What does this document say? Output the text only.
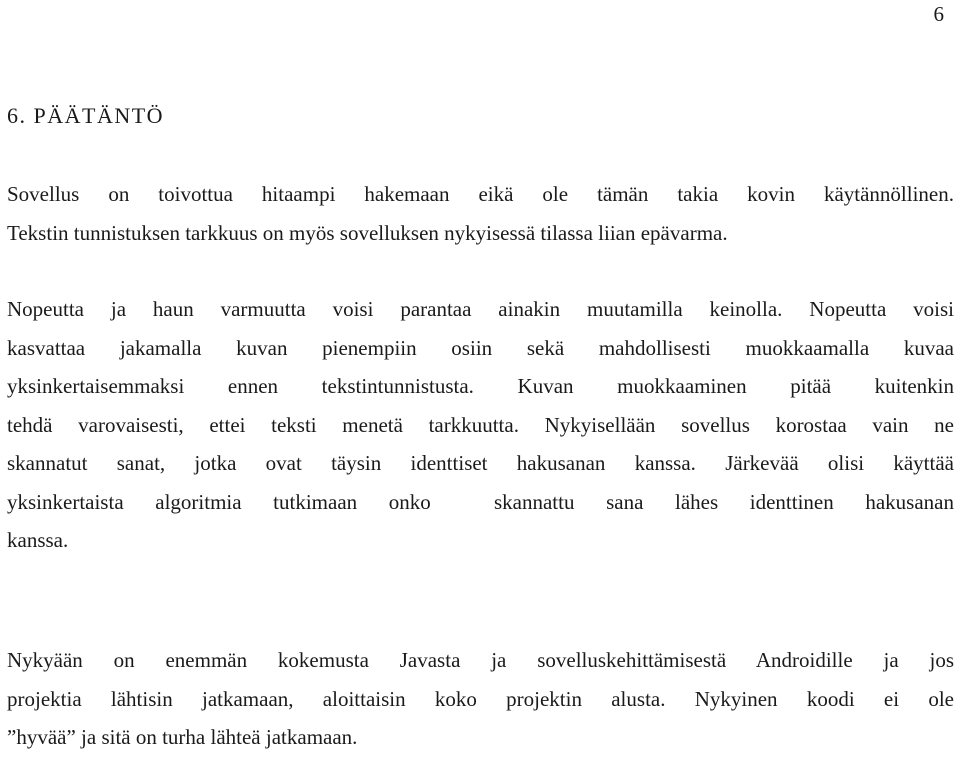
6

6. PÄÄTÄNTÖ

Sovellus on toivottua hitaampi hakemaan eikä ole tämän takia kovin käytännöllinen.
Tekstin tunnistuksen tarkkuus on myös sovelluksen nykyisessä tilassa liian epävarma.

Nopeutta ja haun varmuutta voisi parantaa ainakin muutamilla keinolla. Nopeutta voisi
kasvattaa jakamalla kuvan pienempiin osiin sekä mahdollisesti muokkaamalla kuvaa
yksinkertaisemmaksi ennen tekstintunnistusta. Kuvan muokkaaminen pitää kuitenkin
tehdä varovaisesti, ettei teksti menetä tarkkuutta. Nykyisellään sovellus korostaa vain ne
skannatut sanat, jotka ovat täysin identtiset hakusanan kanssa. Järkevää olisi käyttää
yksinkertaista algoritmia tutkimaan onko  skannattu sana lähes identtinen hakusanan
kanssa.

Nykyään on enemmän kokemusta Javasta ja sovelluskehittämisestä Androidille ja jos
projektia lähtisin jatkamaan, aloittaisin koko projektin alusta. Nykyinen koodi ei ole
”hyvää” ja sitä on turha lähteä jatkamaan.
